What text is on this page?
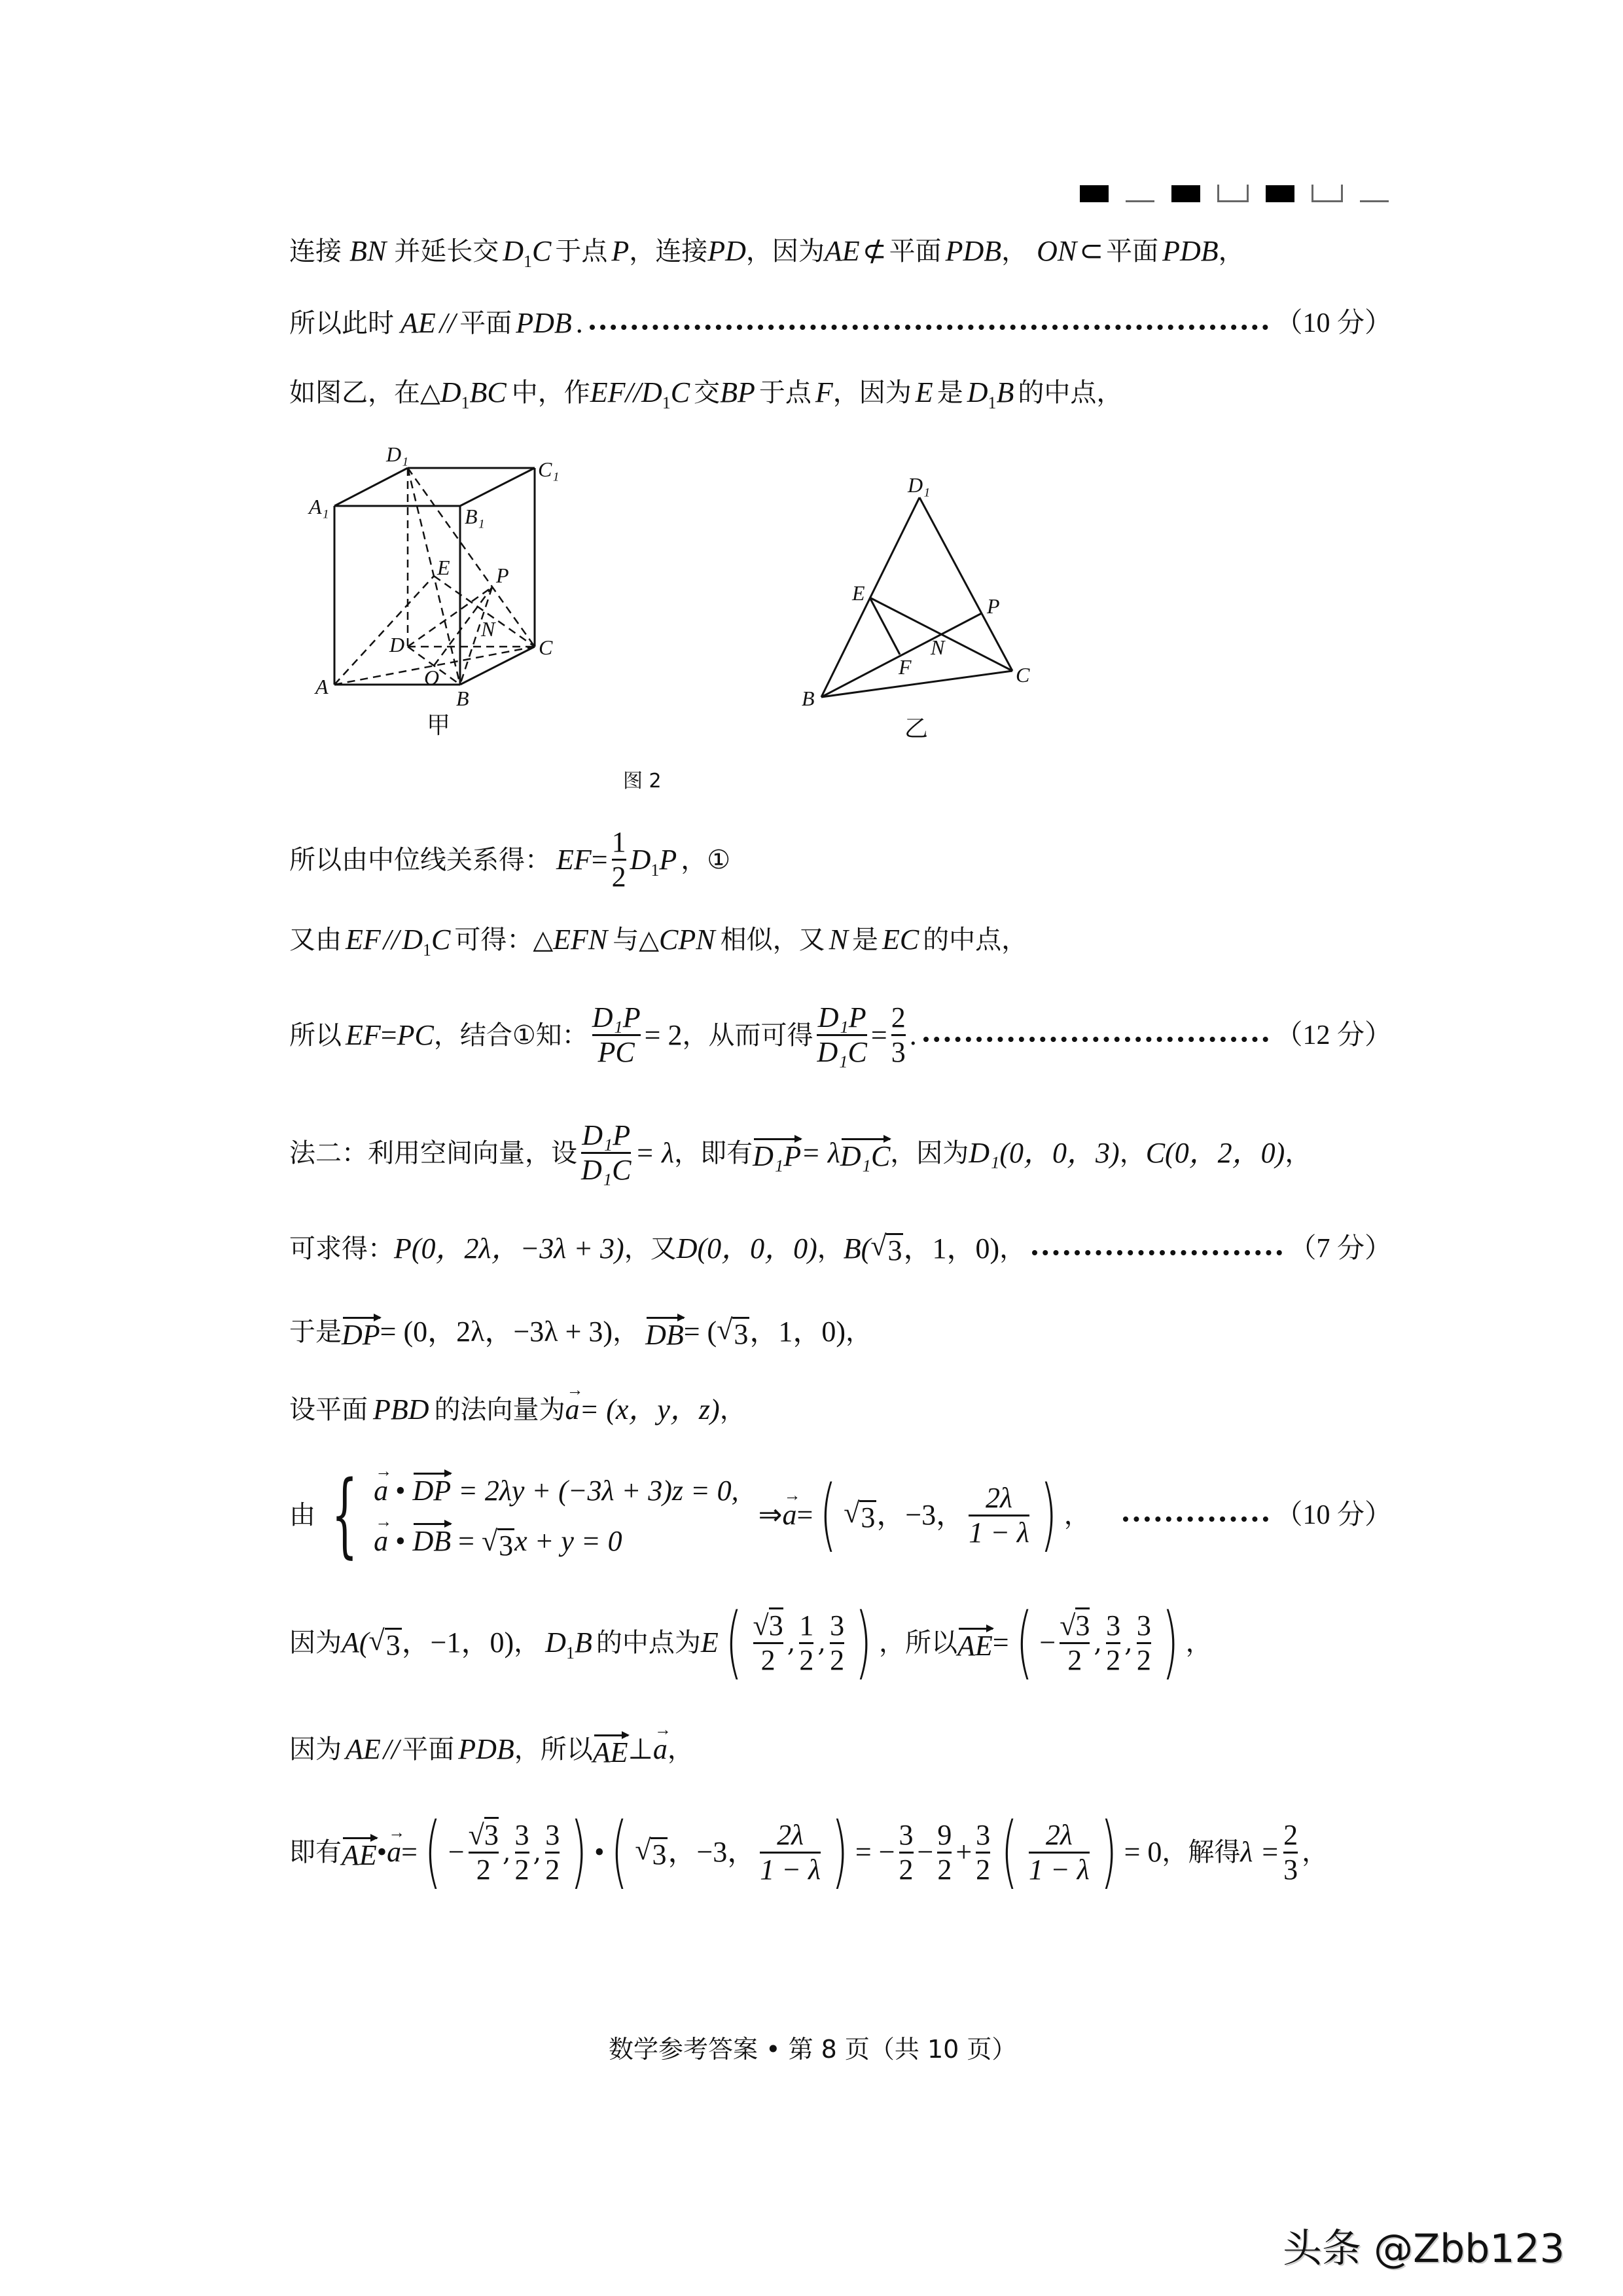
连接 BN 并延长交 $D_1C$ 于点 P ，连接 PD ，因为 AE ⊄ 平面 PDB ， ON ⊂ 平面 PDB ，
所以此时 AE // 平面 PDB .	（10 分）
如图乙，在△ $D_1BC$ 中，作 EF // $D_1C$ 交 BP 于点 F ，因为 E 是 $D_1B$ 的中点，
D₁
C₁
A₁	B₁
E P
N
D	C
A	O
B
甲
D₁
E
P
N
F	C
B
乙
图 2
所以由中位线关系得： EF = $\frac{1}{2} D_1P$ ，①
又由 EF // $D_1C$ 可得：△ EFN 与△ CPN 相似，又 N 是 EC 的中点，
所以 EF = PC ，结合①知： $\frac{\text{D₁P}}{PC} = 2$ ，从而可得 $\frac{\text{D₁P}}{\text{D₁C}} = \frac{2}{3}$ .	（12 分）
法二：利用空间向量，设 $\frac{\text{D₁P}}{\text{D₁C}} = \lambda$ ，即有 D₁P = λ D₁C ，因为 D₁(0，0，3) ， C(0，2，0) ，
可求得： P(0，2λ，−3λ + 3) ，又 D(0，0，0) ， B( √ 3 ，1，0) ，	（7 分）
于是 DP = (0，2λ，−3λ + 3) ， DB = ( √ 3 ，1，0) ，
设平面 PBD 的法向量为 → a = (x，y，z) ，
由 { → a • DP = 2λy + (−3λ + 3)z = 0,
→ a • DB = √ 3 x + y = 0
⇒ → a = ( √ 3 ，−3， $\frac{2\lambda}{1 - \lambda}$ ) ，	（10 分）
因为 A( √ 3 ，−1，0) ， $D_1B$ 的中点为 E ( $\frac{√3}{2}$ , $\frac{1}{2}$ , $\frac{3}{2}$ ) ，所以 AE = ( − $\frac{√3}{2}$ , $\frac{3}{2}$ , $\frac{3}{2}$ ) ，
因为 AE // 平面 PDB ，所以 AE ⊥ → a ，
即有 AE • → a = ( − $\frac{√3}{2}$ , $\frac{3}{2}$ , $\frac{3}{2}$ ) • ( √ 3 ，−3， $\frac{2\lambda}{1 - \lambda}$ ) = − $\frac{3}{2} - \frac{9}{2} + \frac{3}{2}$ ( $\frac{2\lambda}{1 - \lambda}$ ) = 0 ，解得 $\lambda = \frac{2}{3}$ ，
数学参考答案 • 第 8 页（共 10 页）
头条 @Zbb123
